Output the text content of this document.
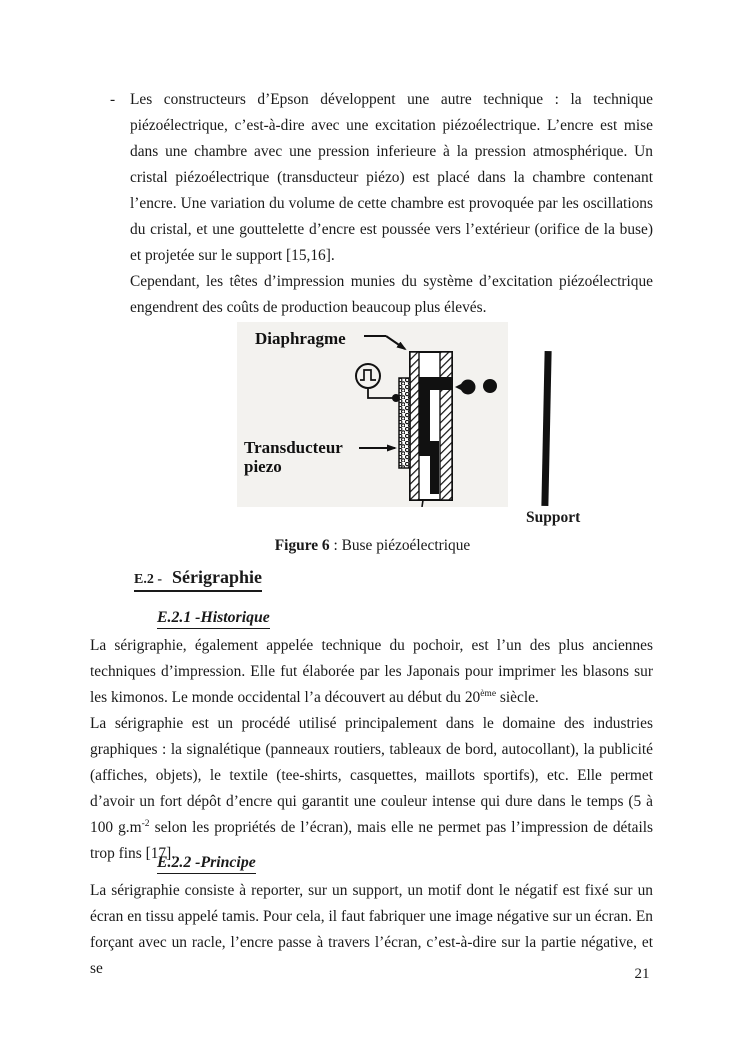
- Les constructeurs d’Epson développent une autre technique : la technique piézoélectrique, c’est-à-dire avec une excitation piézoélectrique. L’encre est mise dans une chambre avec une pression inferieure à la pression atmosphérique. Un cristal piézoélectrique (transducteur piézo) est placé dans la chambre contenant l’encre. Une variation du volume de cette chambre est provoquée par les oscillations du cristal, et une gouttelette d’encre est poussée vers l’extérieur (orifice de la buse) et projetée sur le support [15,16].

Cependant, les têtes d’impression munies du système d’excitation piézoélectrique engendrent des coûts de production beaucoup plus élevés.

Diaphragme
Transducteur
piezo
Support
Figure 6 : Buse piézoélectrique
E.2 - Sérigraphie
E.2.1 -Historique

La sérigraphie, également appelée technique du pochoir, est l’un des plus anciennes techniques d’impression. Elle fut élaborée par les Japonais pour imprimer les blasons sur les kimonos. Le monde occidental l’a découvert au début du 20ème siècle.

La sérigraphie est un procédé utilisé principalement dans le domaine des industries graphiques : la signalétique (panneaux routiers, tableaux de bord, autocollant), la publicité (affiches, objets), le textile (tee-shirts, casquettes, maillots sportifs), etc. Elle permet d’avoir un fort dépôt d’encre qui garantit une couleur intense qui dure dans le temps (5 à 100 $g.m^{-2}$ selon les propriétés de l’écran), mais elle ne permet pas l’impression de détails trop fins [17].

E.2.2 -Principe

La sérigraphie consiste à reporter, sur un support, un motif dont le négatif est fixé sur un écran en tissu appelé tamis. Pour cela, il faut fabriquer une image négative sur un écran. En forçant avec un racle, l’encre passe à travers l’écran, c’est-à-dire sur la partie négative, et se	21
